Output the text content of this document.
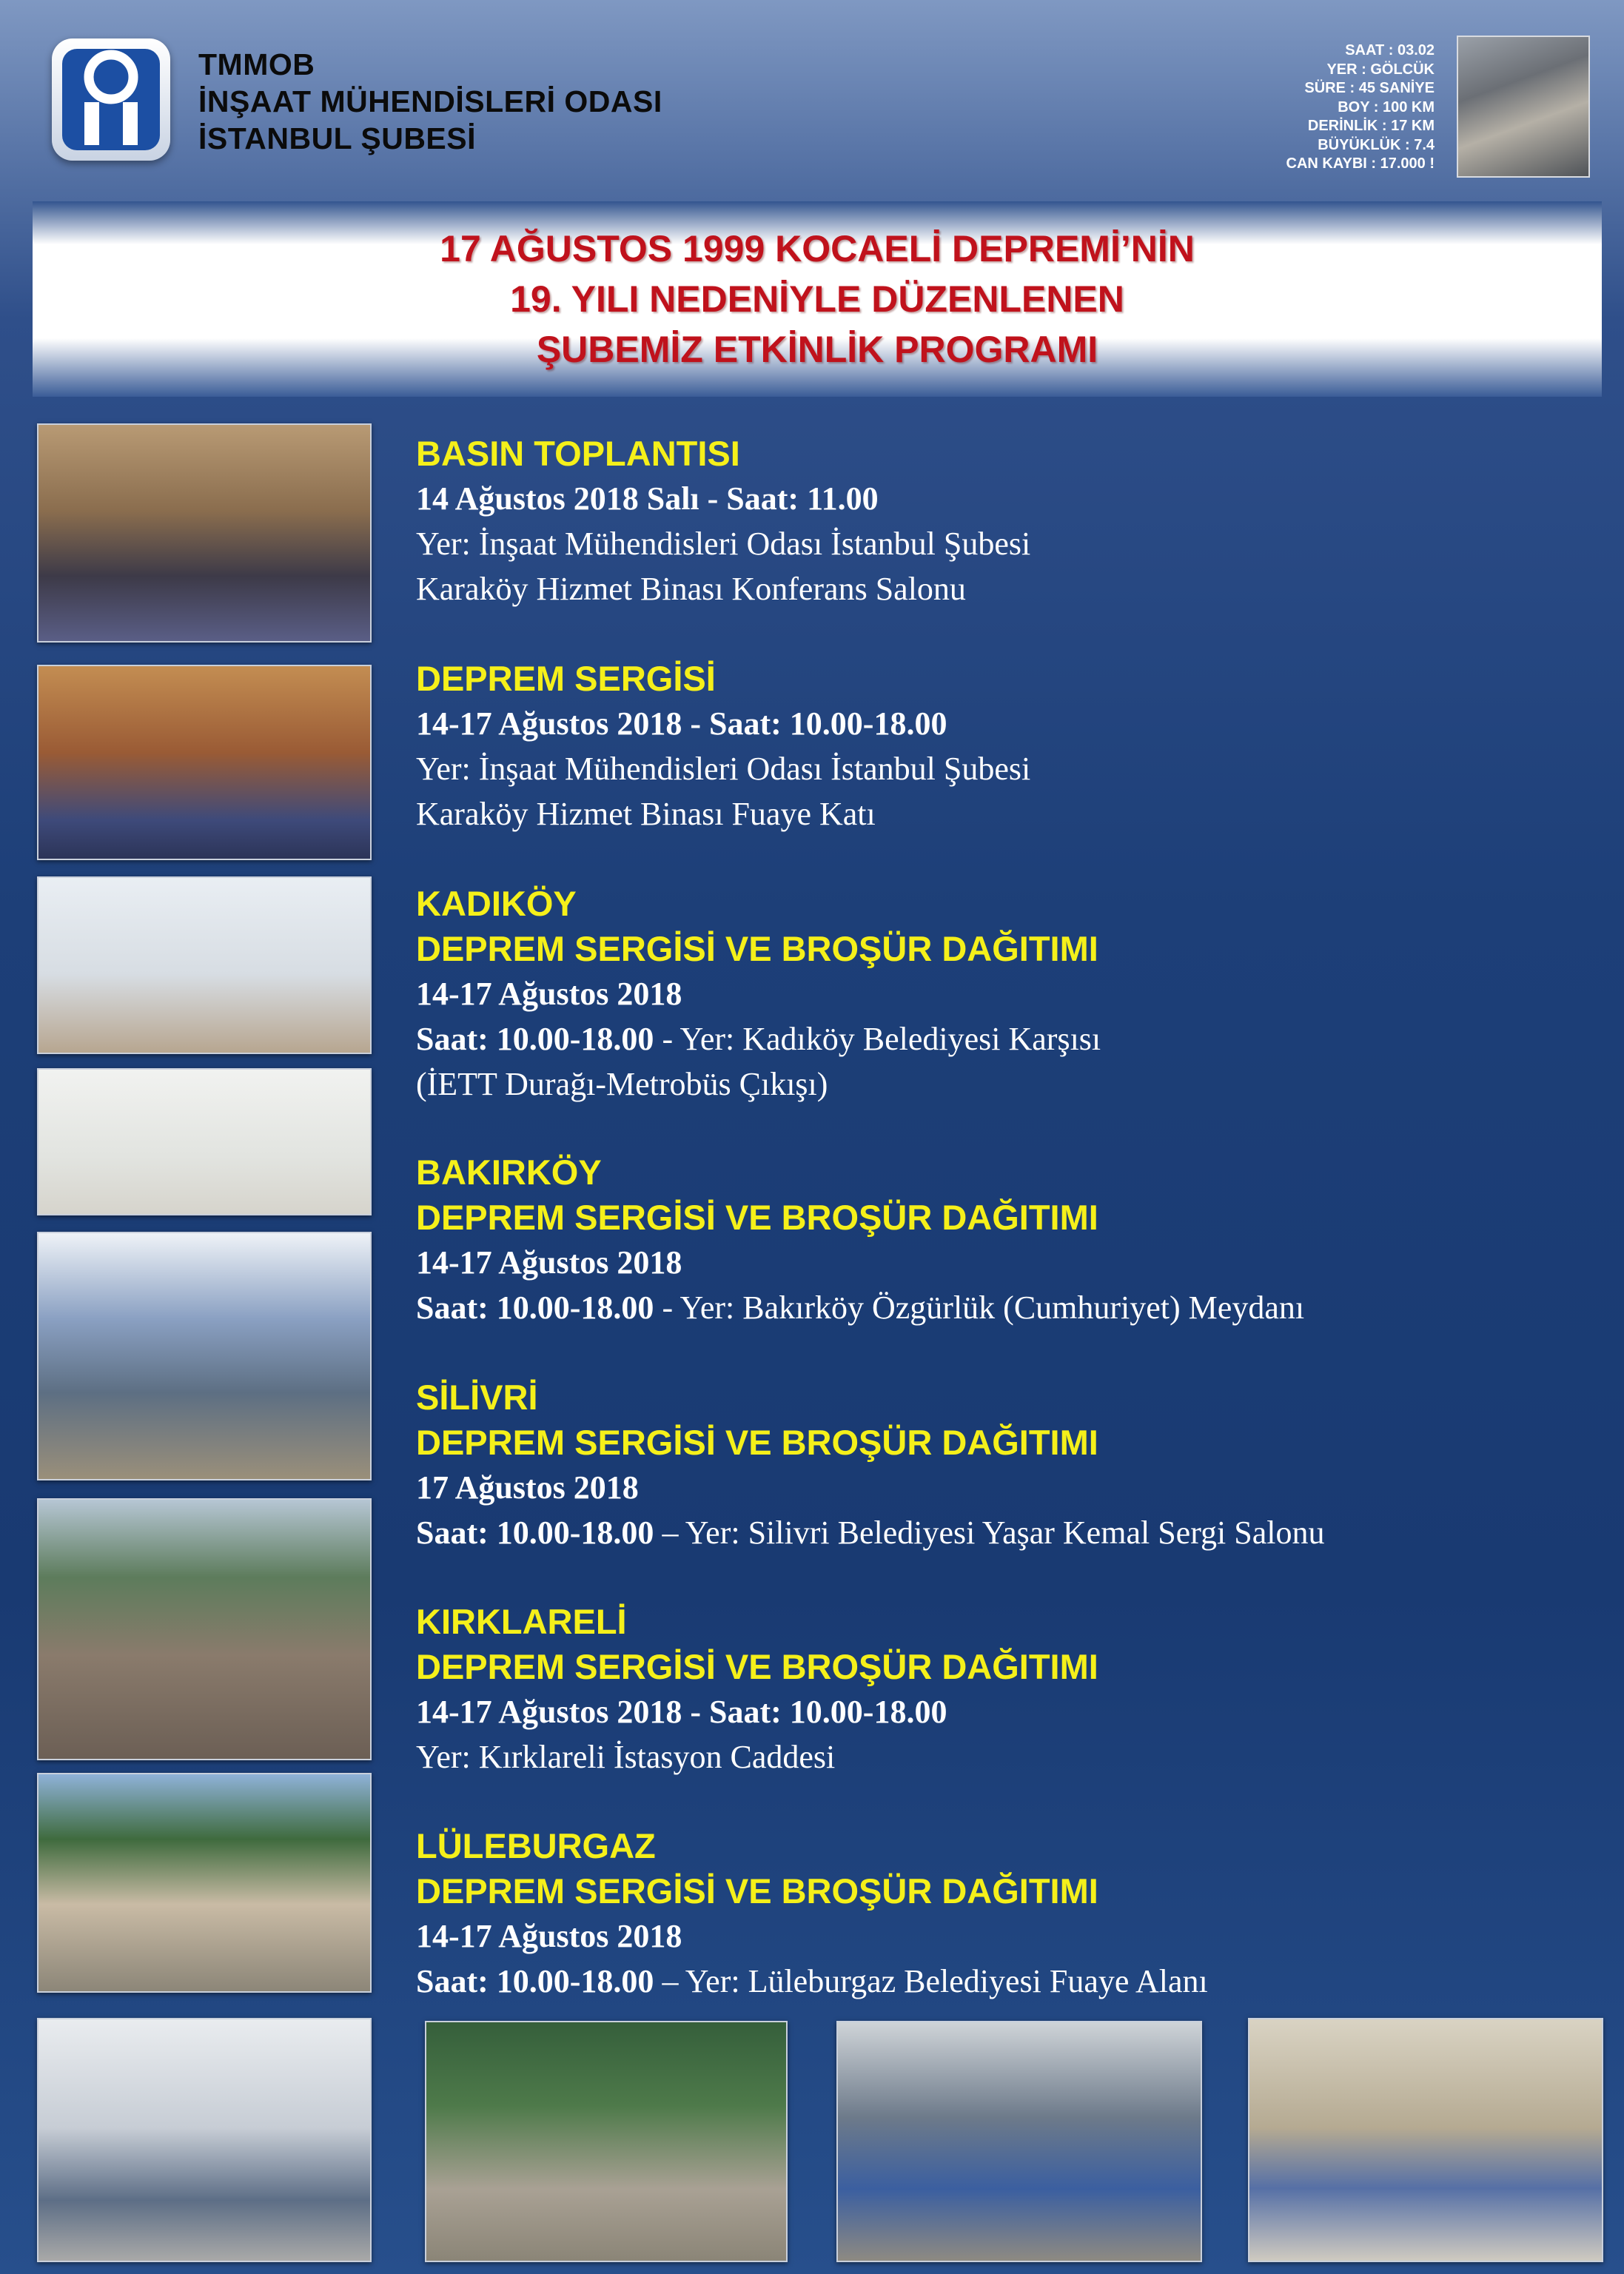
TMMOB
İNŞAAT MÜHENDİSLERİ ODASI
İSTANBUL ŞUBESİ
SAAT : 03.02
YER : GÖLCÜK
SÜRE : 45 SANİYE
BOY : 100 KM
DERİNLİK : 17 KM
BÜYÜKLÜK : 7.4
CAN KAYBI : 17.000 !
17 AĞUSTOS 1999 KOCAELİ DEPREMİ’NİN
19. YILI NEDENİYLE DÜZENLENEN
ŞUBEMİZ ETKİNLİK PROGRAMI
BASIN TOPLANTISI
14 Ağustos 2018 Salı - Saat: 11.00
Yer: İnşaat Mühendisleri Odası İstanbul Şubesi
Karaköy Hizmet Binası Konferans Salonu
DEPREM SERGİSİ
14-17 Ağustos 2018 - Saat: 10.00-18.00
Yer: İnşaat Mühendisleri Odası İstanbul Şubesi
Karaköy Hizmet Binası Fuaye Katı
KADIKÖY
DEPREM SERGİSİ VE BROŞÜR DAĞITIMI
14-17 Ağustos 2018
Saat: 10.00-18.00 - Yer: Kadıköy Belediyesi Karşısı
(İETT Durağı-Metrobüs Çıkışı)
BAKIRKÖY
DEPREM SERGİSİ VE BROŞÜR DAĞITIMI
14-17 Ağustos 2018
Saat: 10.00-18.00 - Yer: Bakırköy Özgürlük (Cumhuriyet) Meydanı
SİLİVRİ
DEPREM SERGİSİ VE BROŞÜR DAĞITIMI
17 Ağustos 2018
Saat: 10.00-18.00 – Yer: Silivri Belediyesi Yaşar Kemal Sergi Salonu
KIRKLARELİ
DEPREM SERGİSİ VE BROŞÜR DAĞITIMI
14-17 Ağustos 2018 - Saat: 10.00-18.00
Yer: Kırklareli İstasyon Caddesi
LÜLEBURGAZ
DEPREM SERGİSİ VE BROŞÜR DAĞITIMI
14-17 Ağustos 2018
Saat: 10.00-18.00 – Yer: Lüleburgaz Belediyesi Fuaye Alanı
